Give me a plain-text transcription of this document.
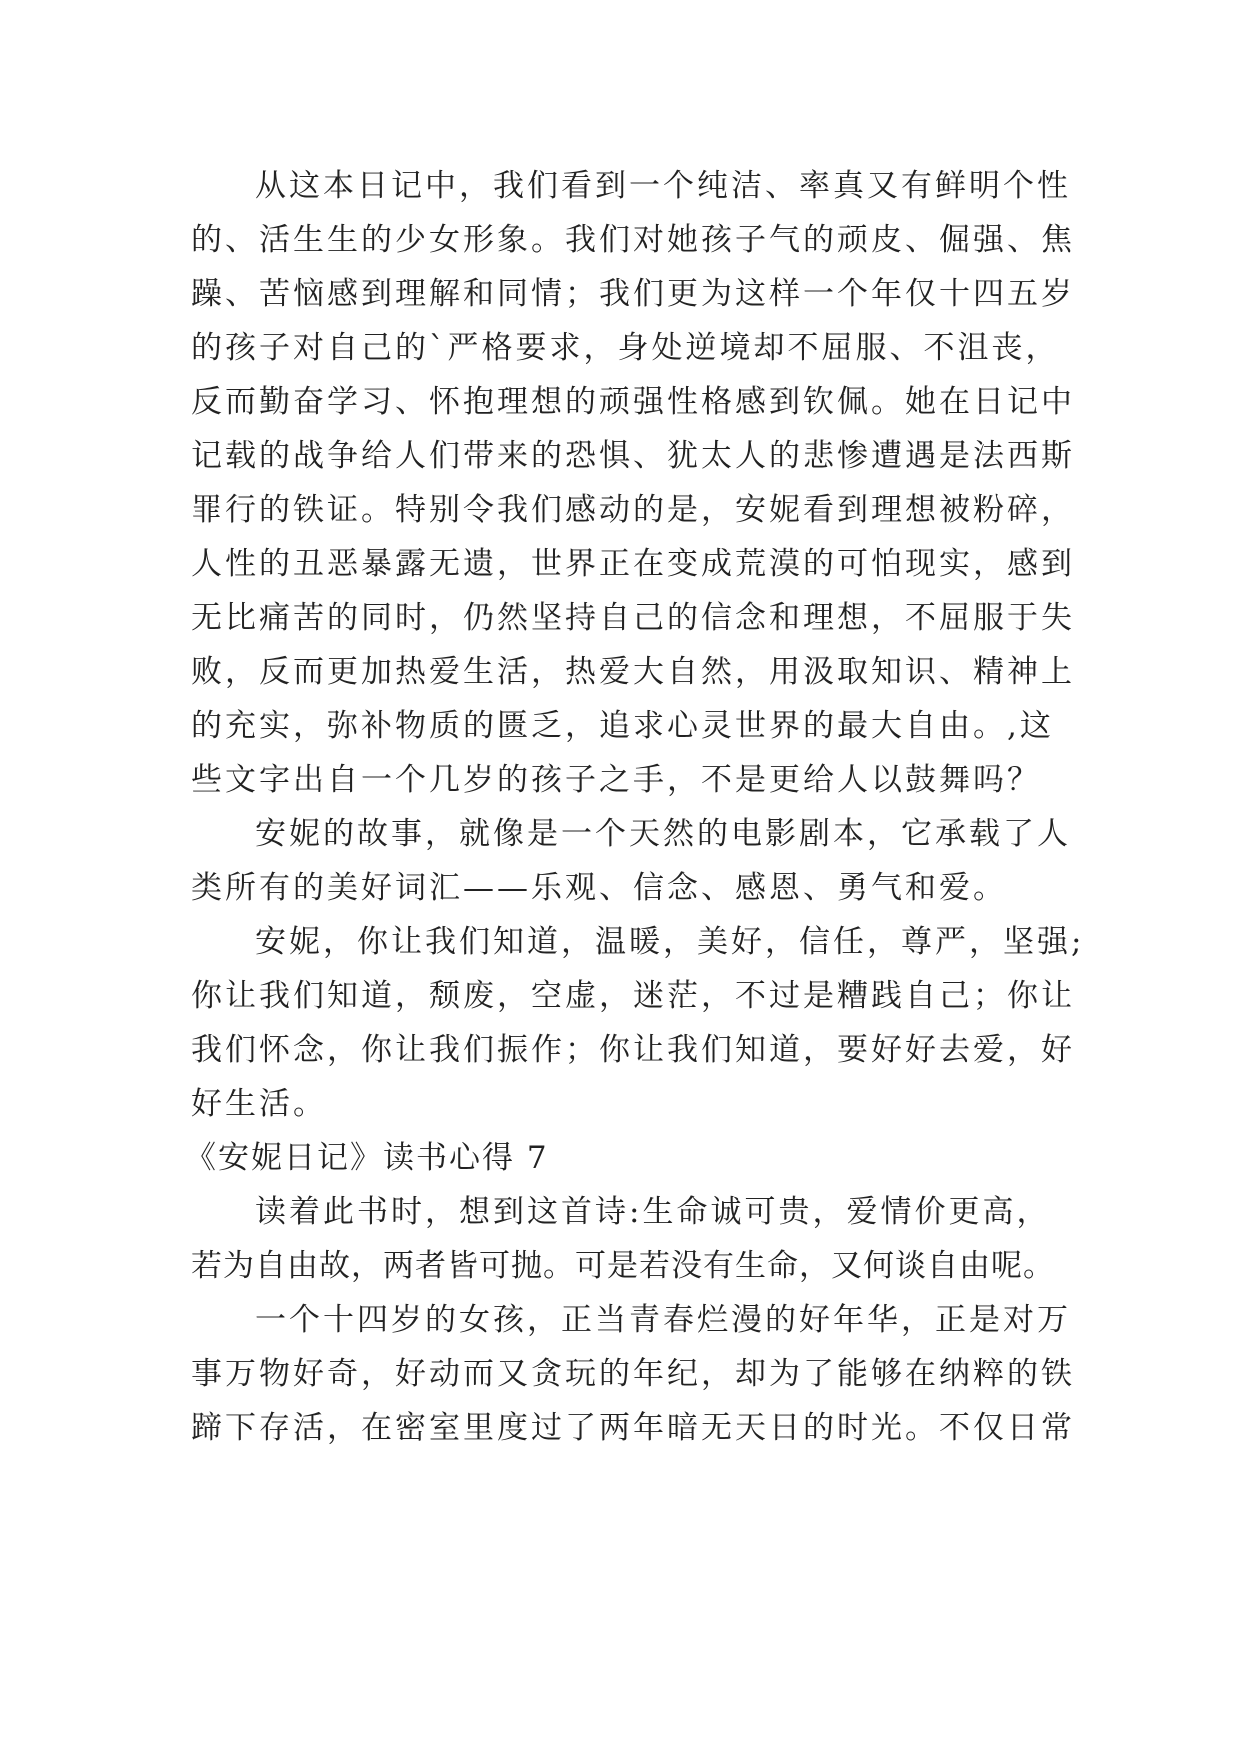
从这本日记中，我们看到一个纯洁、率真又有鲜明个性

的、活生生的少女形象。我们对她孩子气的顽皮、倔强、焦

躁、苦恼感到理解和同情；我们更为这样一个年仅十四五岁

的孩子对自己的`严格要求，身处逆境却不屈服、不沮丧，

反而勤奋学习、怀抱理想的顽强性格感到钦佩。她在日记中

记载的战争给人们带来的恐惧、犹太人的悲惨遭遇是法西斯

罪行的铁证。特别令我们感动的是，安妮看到理想被粉碎，

人性的丑恶暴露无遗，世界正在变成荒漠的可怕现实，感到

无比痛苦的同时，仍然坚持自己的信念和理想，不屈服于失

败，反而更加热爱生活，热爱大自然，用汲取知识、精神上

的充实，弥补物质的匮乏，追求心灵世界的最大自由。,这

些文字出自一个几岁的孩子之手，不是更给人以鼓舞吗？

安妮的故事，就像是一个天然的电影剧本，它承载了人

类所有的美好词汇——乐观、信念、感恩、勇气和爱。

安妮，你让我们知道，温暖，美好，信任，尊严，坚强;

你让我们知道，颓废，空虚，迷茫，不过是糟践自己；你让

我们怀念，你让我们振作；你让我们知道，要好好去爱，好

好生活。

《安妮日记》读书心得 7

读着此书时，想到这首诗:生命诚可贵，爱情价更高，

若为自由故，两者皆可抛。可是若没有生命，又何谈自由呢。

一个十四岁的女孩，正当青春烂漫的好年华，正是对万

事万物好奇，好动而又贪玩的年纪，却为了能够在纳粹的铁

蹄下存活，在密室里度过了两年暗无天日的时光。不仅日常
